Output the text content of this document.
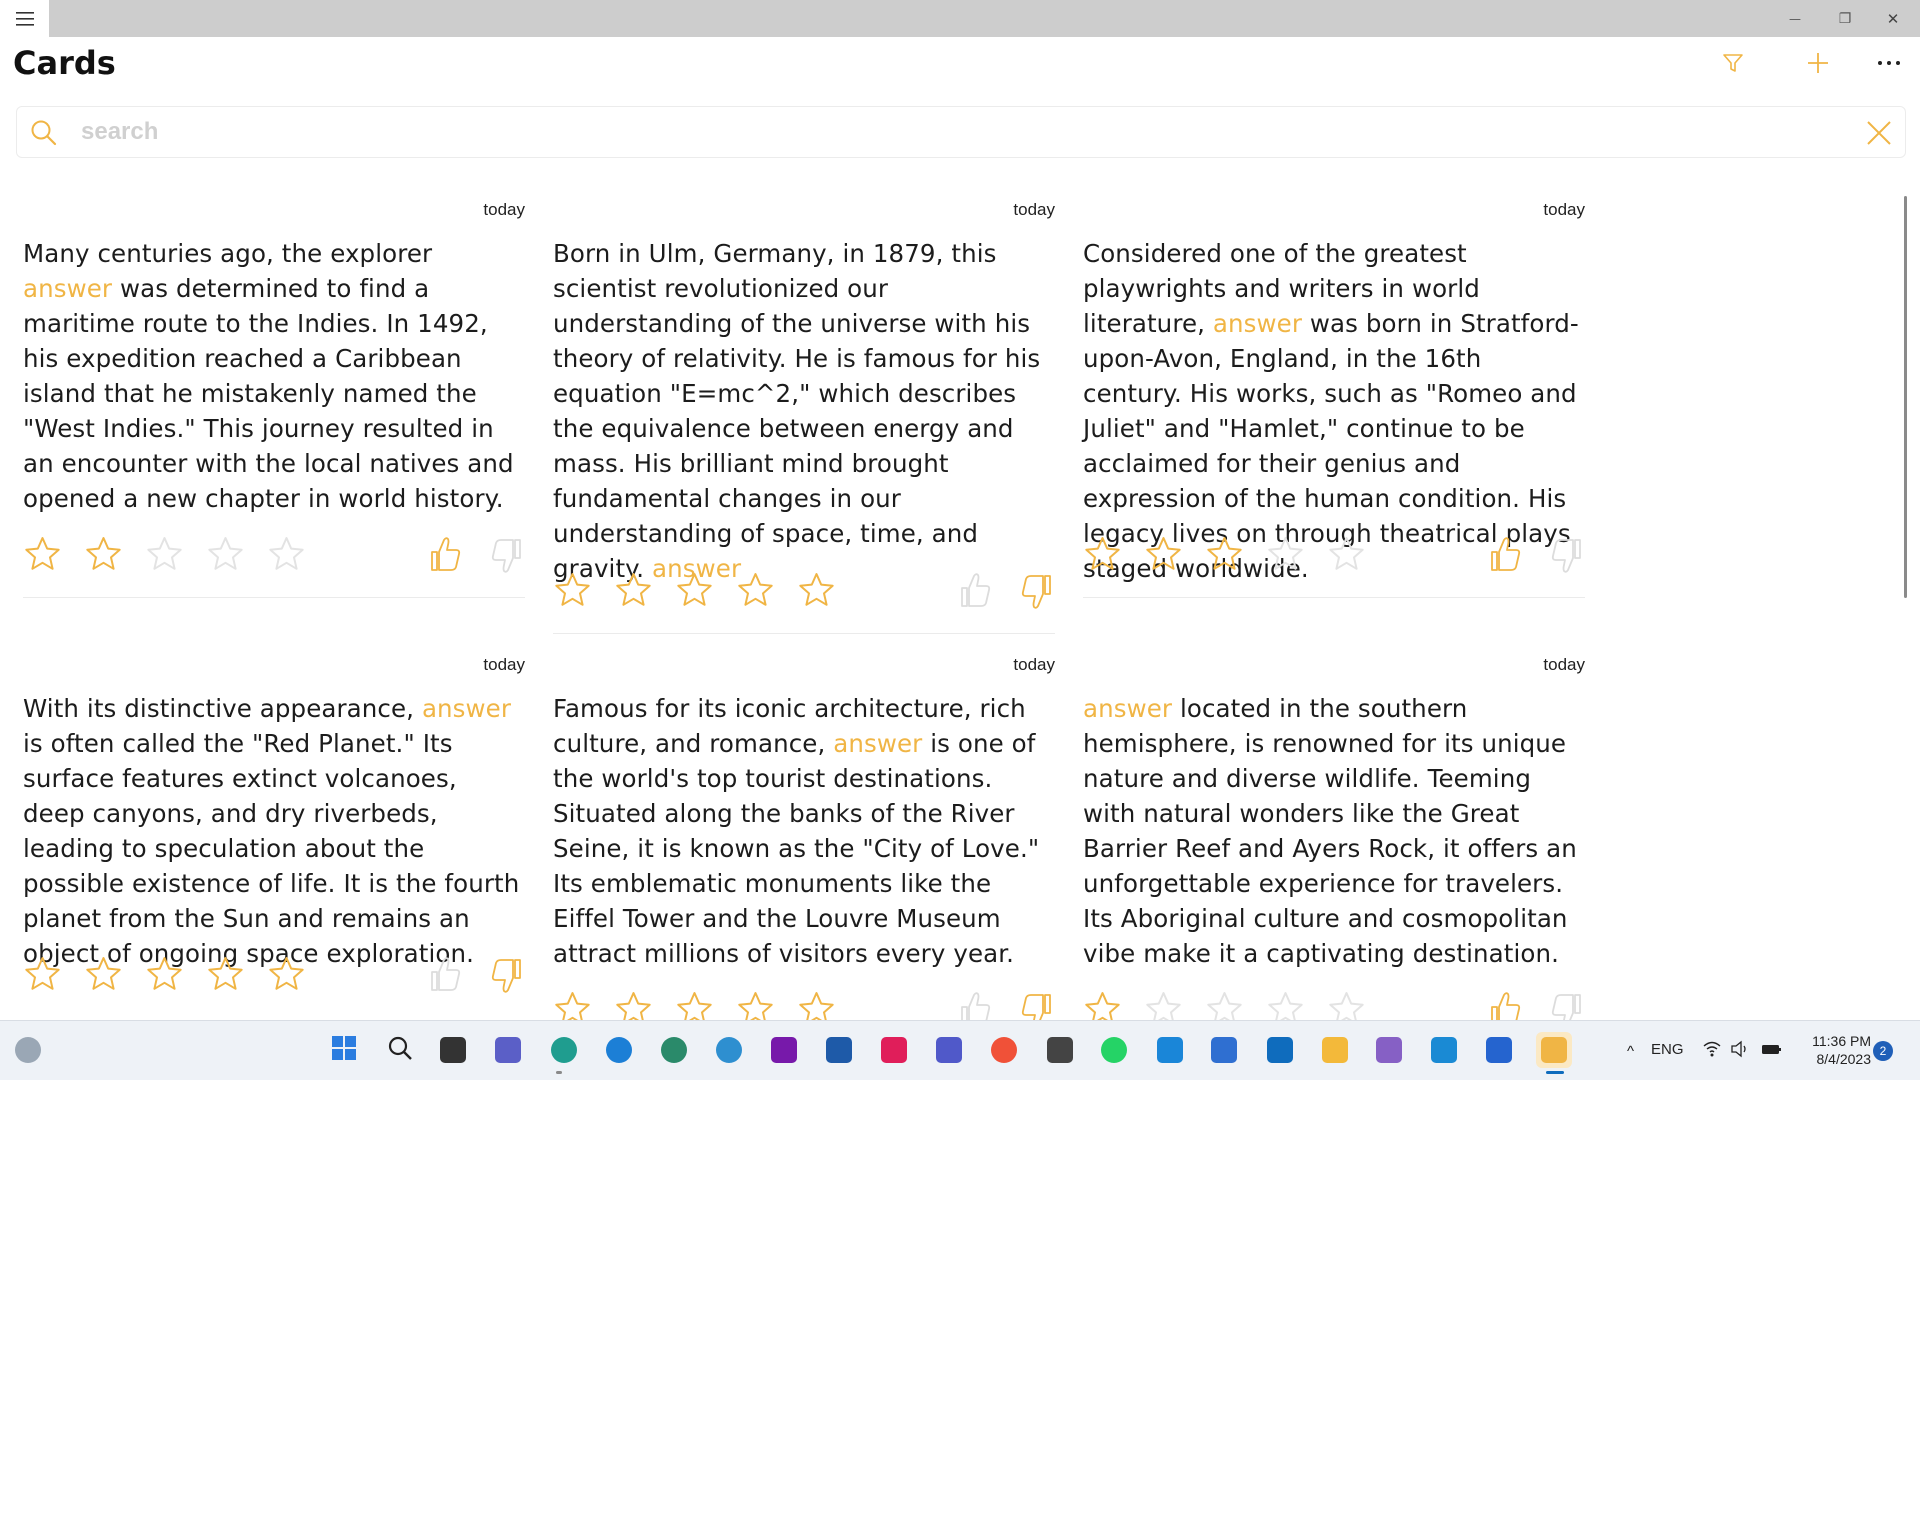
—	❐ ✕
Cards
search
today
Many centuries ago, the explorer answer was determined to find a maritime route to the Indies. In 1492, his expedition reached a Caribbean island that he mistakenly named the "West Indies." This journey resulted in an encounter with the local natives and opened a new chapter in world history.
today
Born in Ulm, Germany, in 1879, this scientist revolutionized our understanding of the universe with his theory of relativity. He is famous for his equation "E=mc^2," which describes the equivalence between energy and mass. His brilliant mind brought fundamental changes in our understanding of space, time, and gravity. answer
today
Considered one of the greatest playwrights and writers in world literature, answer was born in Stratford-upon-Avon, England, in the 16th century. His works, such as "Romeo and Juliet" and "Hamlet," continue to be acclaimed for their genius and expression of the human condition. His legacy lives on through theatrical plays staged worldwide.
today
With its distinctive appearance, answer is often called the "Red Planet." Its surface features extinct volcanoes, deep canyons, and dry riverbeds, leading to speculation about the possible existence of life. It is the fourth planet from the Sun and remains an object of ongoing space exploration.
today
Famous for its iconic architecture, rich culture, and romance, answer is one of the world's top tourist destinations. Situated along the banks of the River Seine, it is known as the "City of Love." Its emblematic monuments like the Eiffel Tower and the Louvre Museum attract millions of visitors every year.
today
answer located in the southern hemisphere, is renowned for its unique nature and diverse wildlife. Teeming with natural wonders like the Great Barrier Reef and Ayers Rock, it offers an unforgettable experience for travelers. Its Aboriginal culture and cosmopolitan vibe make it a captivating destination.
^ ENG	11:36 PM
8/4/2023 2
